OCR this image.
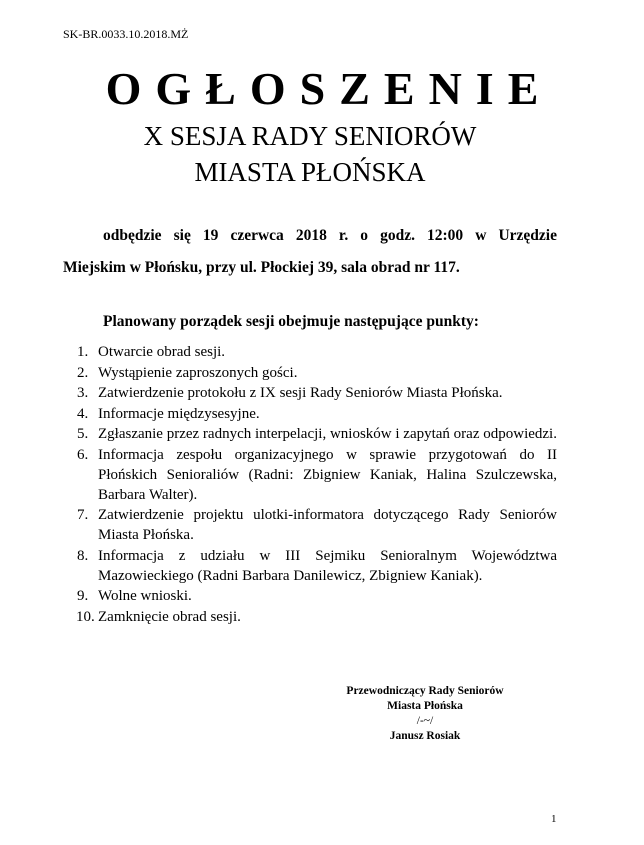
SK-BR.0033.10.2018.MŻ
OGŁOSZENIE
X SESJA RADY SENIORÓW
MIASTA PŁOŃSKA
odbędzie się 19 czerwca 2018 r. o godz. 12:00 w Urzędzie
Miejskim w Płońsku, przy ul. Płockiej 39, sala obrad nr 117.
Planowany porządek sesji obejmuje następujące punkty:
1. Otwarcie obrad sesji.
2. Wystąpienie zaproszonych gości.
3. Zatwierdzenie protokołu z IX sesji Rady Seniorów Miasta Płońska.
4. Informacje międzysesyjne.
5. Zgłaszanie przez radnych interpelacji, wniosków i zapytań oraz odpowiedzi.
6. Informacja zespołu organizacyjnego w sprawie przygotowań do II Płońskich Senioraliów (Radni: Zbigniew Kaniak, Halina Szulczewska, Barbara Walter).
7. Zatwierdzenie projektu ulotki-informatora dotyczącego Rady Seniorów Miasta Płońska.
8. Informacja z udziału w III Sejmiku Senioralnym Województwa Mazowieckiego (Radni Barbara Danilewicz, Zbigniew Kaniak).
9. Wolne wnioski.
10. Zamknięcie obrad sesji.
Przewodniczący Rady Seniorów
Miasta Płońska
/-~/
Janusz Rosiak
1
